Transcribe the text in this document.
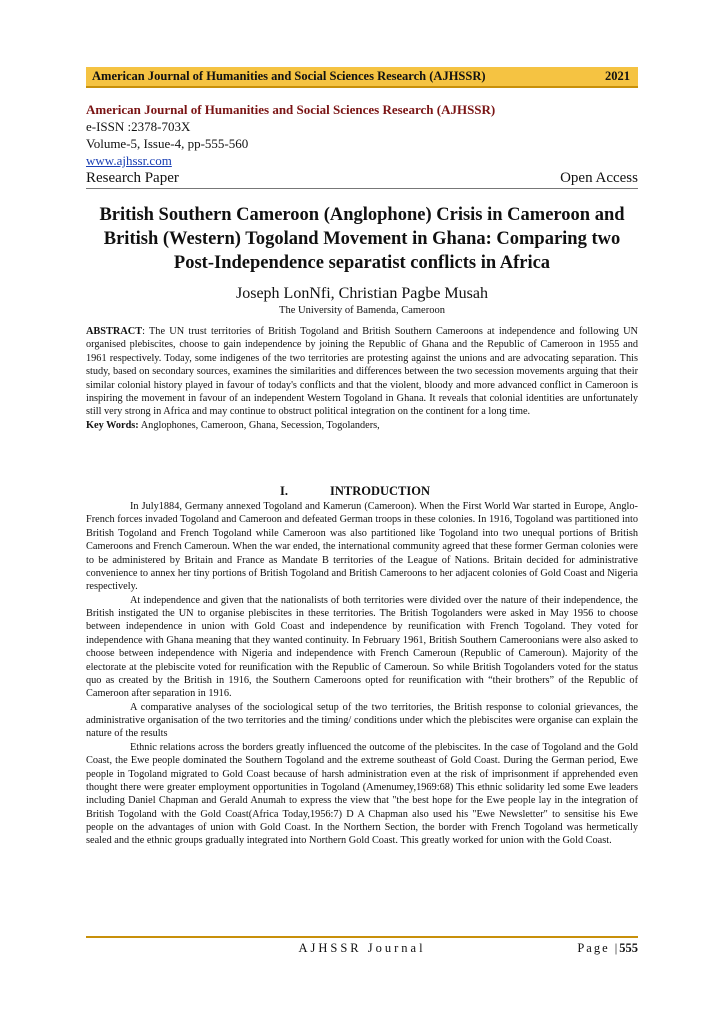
American Journal of Humanities and Social Sciences Research (AJHSSR)	2021
American Journal of Humanities and Social Sciences Research (AJHSSR)
e-ISSN :2378-703X
Volume-5, Issue-4, pp-555-560
www.ajhssr.com
Research Paper	Open Access
British Southern Cameroon (Anglophone) Crisis in Cameroon and British (Western) Togoland Movement in Ghana: Comparing two Post-Independence separatist conflicts in Africa
Joseph LonNfi, Christian Pagbe Musah
The University of Bamenda, Cameroon

ABSTRACT: The UN trust territories of British Togoland and British Southern Cameroons at independence and following UN organised plebiscites, choose to gain independence by joining the Republic of Ghana and the Republic of Cameroon in 1955 and 1961 respectively. Today, some indigenes of the two territories are protesting against the unions and are advocating separation. This study, based on secondary sources, examines the similarities and differences between the two secession movements arguing that their similar colonial history played in favour of today's conflicts and that the violent, bloody and more advanced conflict in Cameroon is inspiring the movement in favour of an independent Western Togoland in Ghana. It reveals that colonial identities are unfortunately still very strong in Africa and may continue to obstruct political integration on the continent for a long time.

Key Words: Anglophones, Cameroon, Ghana, Secession, Togolanders,

I.	INTRODUCTION

In July1884, Germany annexed Togoland and Kamerun (Cameroon). When the First World War started in Europe, Anglo-French forces invaded Togoland and Cameroon and defeated German troops in these colonies. In 1916, Togoland was partitioned into British Togoland and French Togoland while Cameroon was also partitioned like Togoland into two unequal portions of British Cameroons and French Cameroun. When the war ended, the international community agreed that these former German colonies were to be administered by Britain and France as Mandate B territories of the League of Nations. Britain decided for administrative convenience to annex her tiny portions of British Togoland and British Cameroons to her adjacent colonies of Gold Coast and Nigeria respectively.

At independence and given that the nationalists of both territories were divided over the nature of their independence, the British instigated the UN to organise plebiscites in these territories. The British Togolanders were asked in May 1956 to choose between independence in union with Gold Coast and independence by reunification with French Togoland. They voted for independence with Ghana meaning that they wanted continuity. In February 1961, British Southern Cameroonians were also asked to choose between independence with Nigeria and independence with French Cameroun (Republic of Cameroun). Majority of the electorate at the plebiscite voted for reunification with the Republic of Cameroun. So while British Togolanders voted for the status quo as created by the British in 1916, the Southern Cameroons opted for reunification with “their brothers” of the Republic of Cameroon after separation in 1916.

A comparative analyses of the sociological setup of the two territories, the British response to colonial grievances, the administrative organisation of the two territories and the timing/ conditions under which the plebiscites were organise can explain the nature of the results

Ethnic relations across the borders greatly influenced the outcome of the plebiscites. In the case of Togoland and the Gold Coast, the Ewe people dominated the Southern Togoland and the extreme southeast of Gold Coast. During the German period, Ewe people in Togoland migrated to Gold Coast because of harsh administration even at the risk of imprisonment if apprehended even thought there were greater employment opportunities in Togoland (Amenumey,1969:68) This ethnic solidarity led some Ewe leaders including Daniel Chapman and Gerald Anumah to express the view that "the best hope for the Ewe people lay in the integration of British Togoland with the Gold Coast(Africa Today,1956:7) D A Chapman also used his "Ewe Newsletter" to sensitise his Ewe people on the advantages of union with Gold Coast. In the Northern Section, the border with French Togoland was hermetically sealed and the ethnic groups gradually integrated into Northern Gold Coast. This greatly worked for union with the Gold Coast.

AJHSSR Journal	Page |555
